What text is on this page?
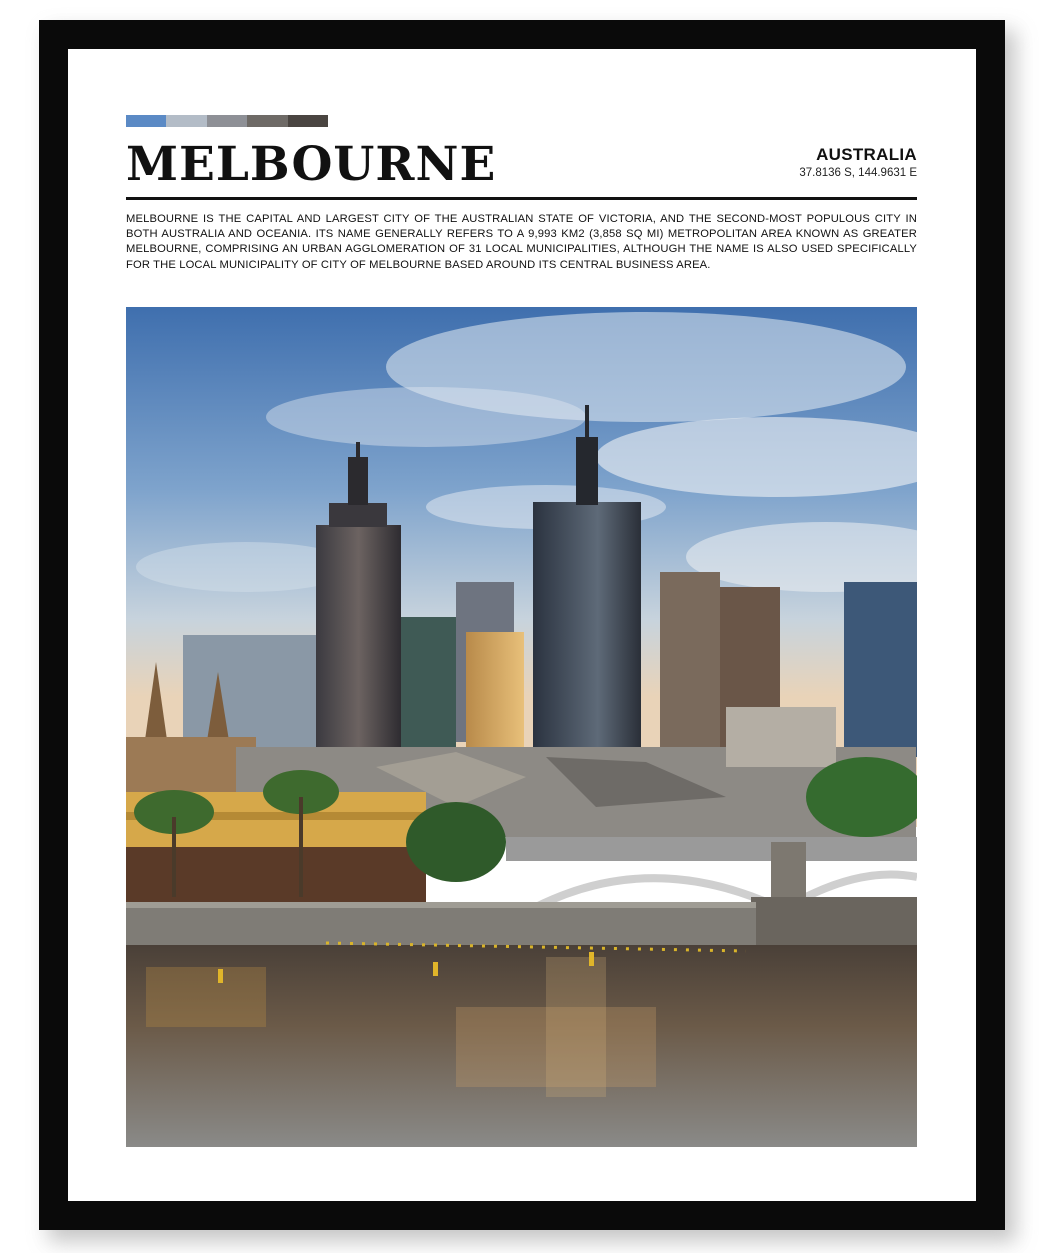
MELBOURNE	AUSTRALIA
37.8136 S, 144.9631 E

MELBOURNE IS THE CAPITAL AND LARGEST CITY OF THE AUSTRALIAN STATE OF VICTORIA, AND THE SECOND-MOST POPULOUS CITY IN BOTH AUSTRALIA AND OCEANIA. ITS NAME GENERALLY REFERS TO A 9,993 KM2 (3,858 SQ MI) METROPOLITAN AREA KNOWN AS GREATER MELBOURNE, COMPRISING AN URBAN AGGLOMERATION OF 31 LOCAL MUNICIPALITIES, ALTHOUGH THE NAME IS ALSO USED SPECIFICALLY FOR THE LOCAL MUNICIPALITY OF CITY OF MELBOURNE BASED AROUND ITS CENTRAL BUSINESS AREA.
